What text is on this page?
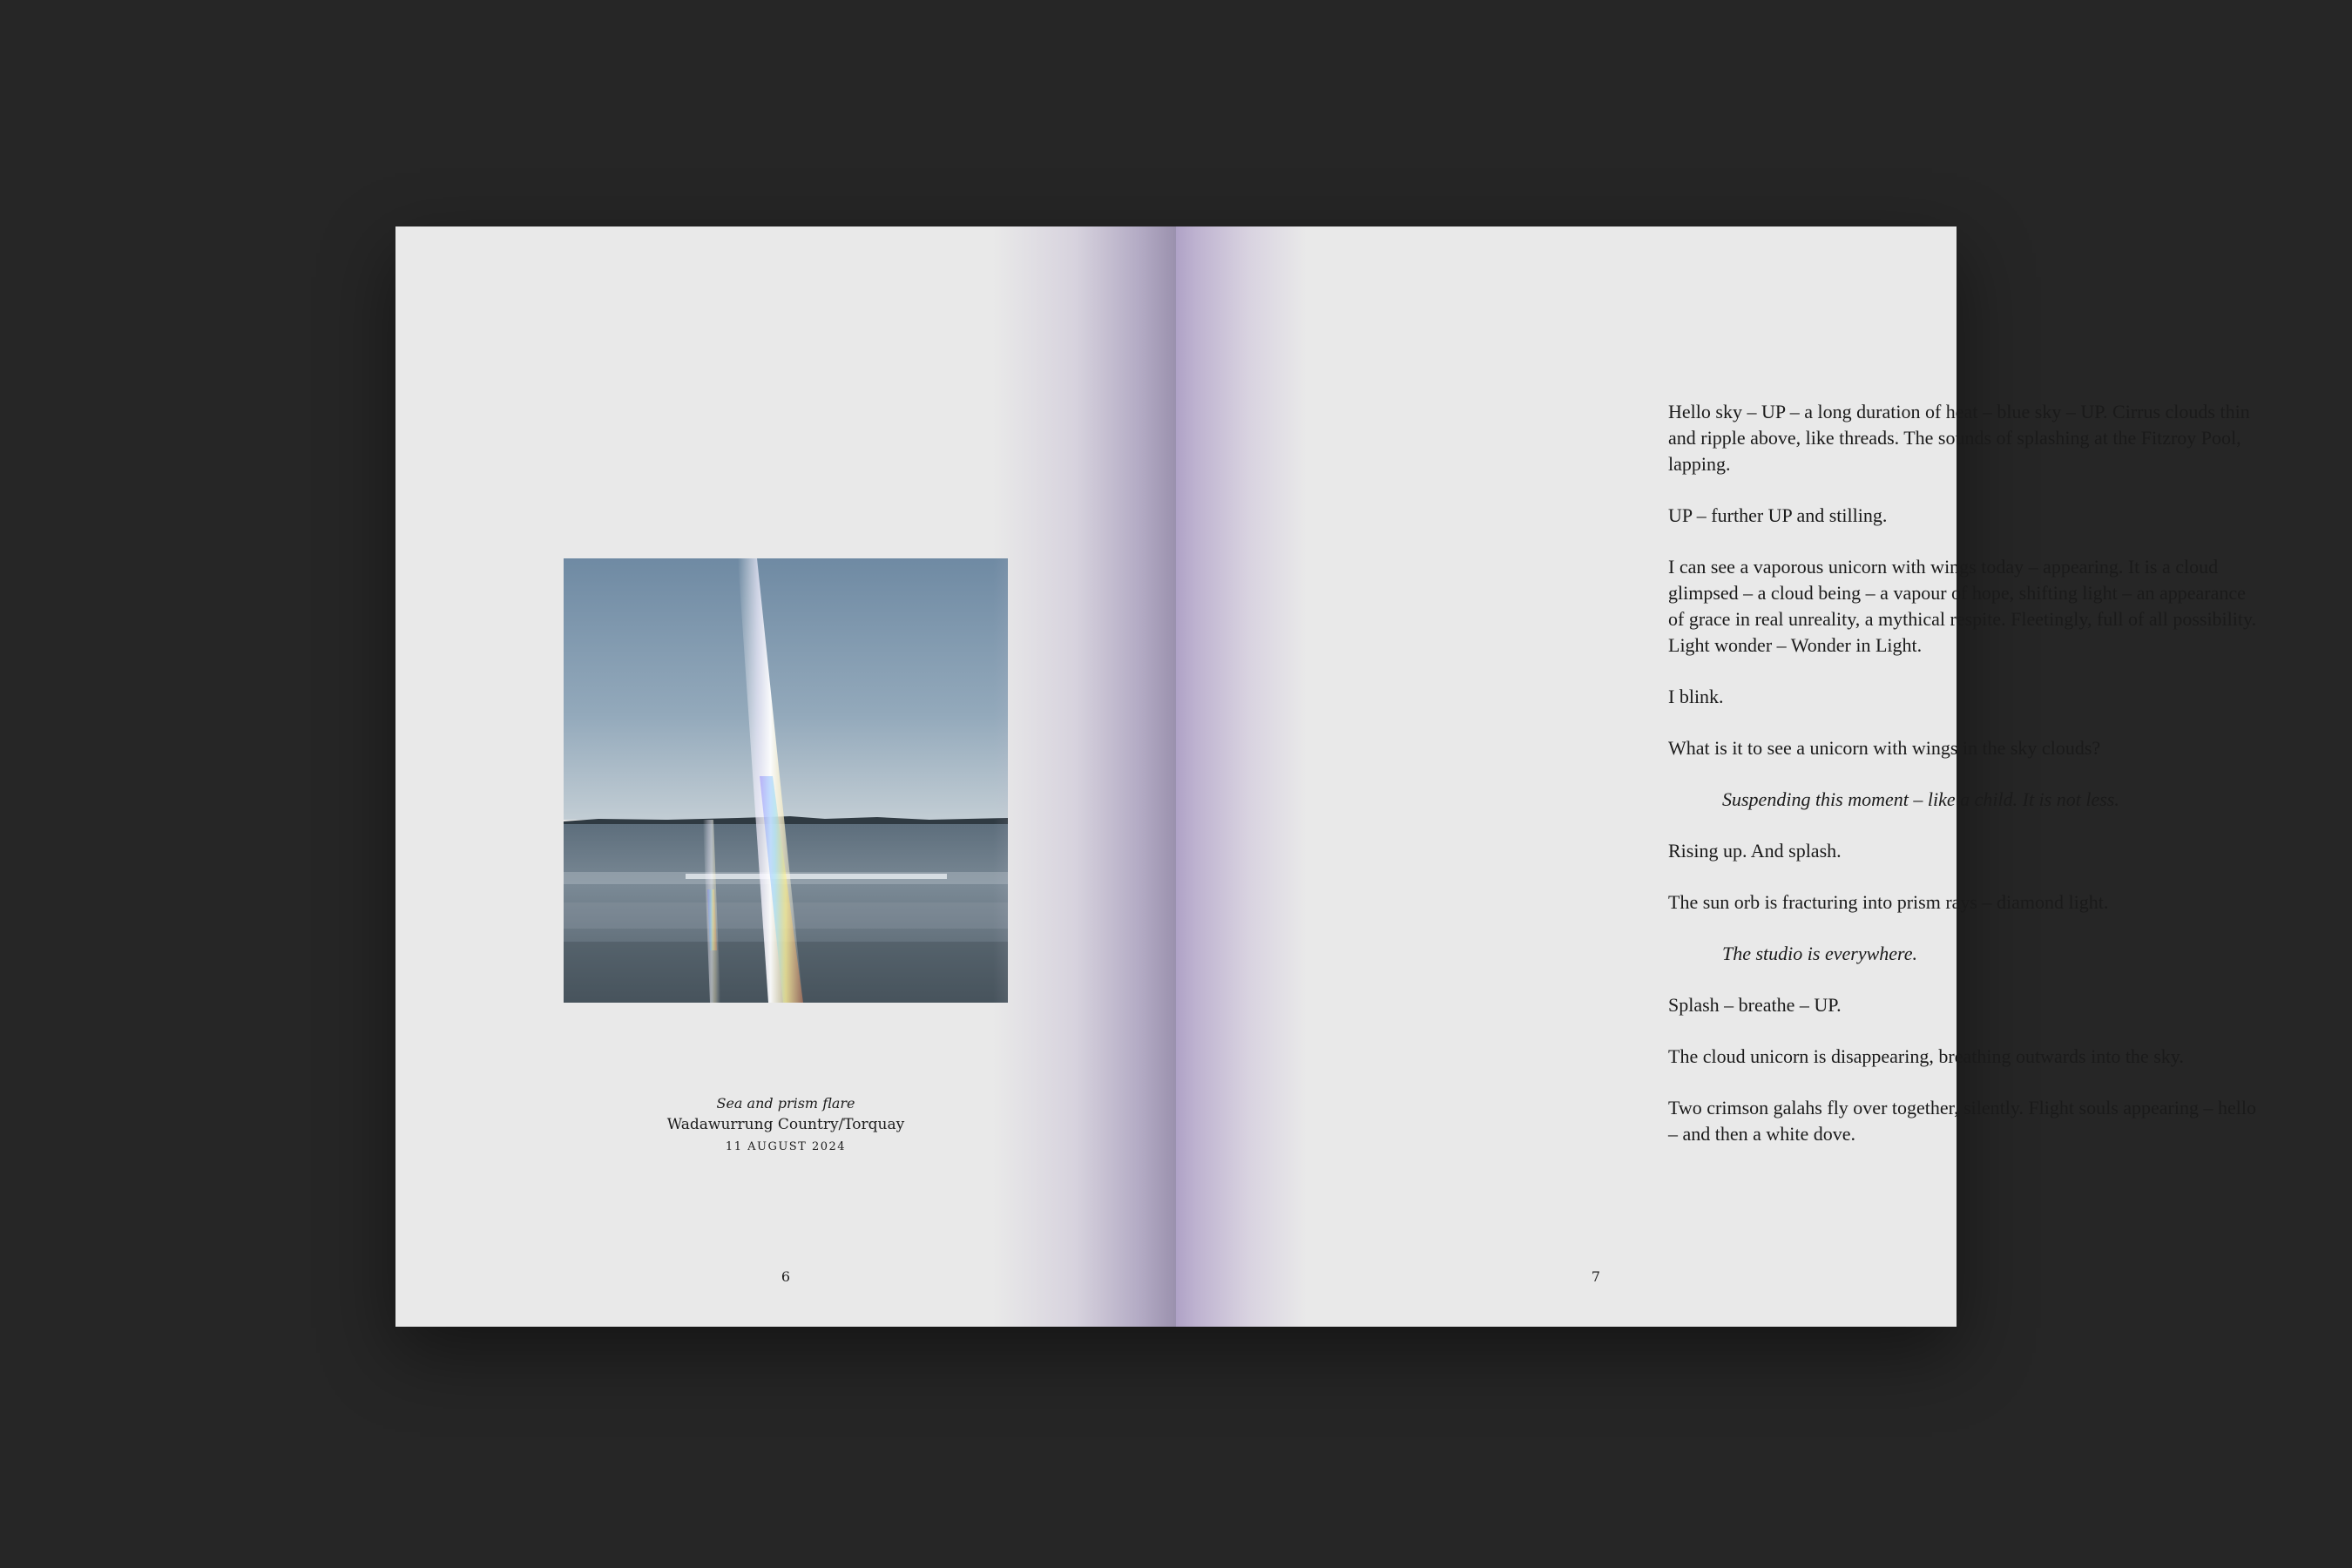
Sea and prism flare
Wadawurrung Country/Torquay
11 AUGUST 2024
6

Hello sky – UP – a long duration of heat – blue sky – UP. Cirrus clouds thin and ripple above, like threads. The sounds of splashing at the Fitzroy Pool, lapping.

UP – further UP and stilling.

I can see a vaporous unicorn with wings today – appearing. It is a cloud glimpsed – a cloud being – a vapour of hope, shifting light – an appearance of grace in real unreality, a mythical respite. Fleetingly, full of all possibility. Light wonder – Wonder in Light.

I blink.

What is it to see a unicorn with wings in the sky clouds?

Suspending this moment – like a child. It is not less.

Rising up. And splash.

The sun orb is fracturing into prism rays – diamond light.

The studio is everywhere.

Splash – breathe – UP.

The cloud unicorn is disappearing, breathing outwards into the sky.

Two crimson galahs fly over together, silently. Flight souls appearing – hello – and then a white dove.

7
